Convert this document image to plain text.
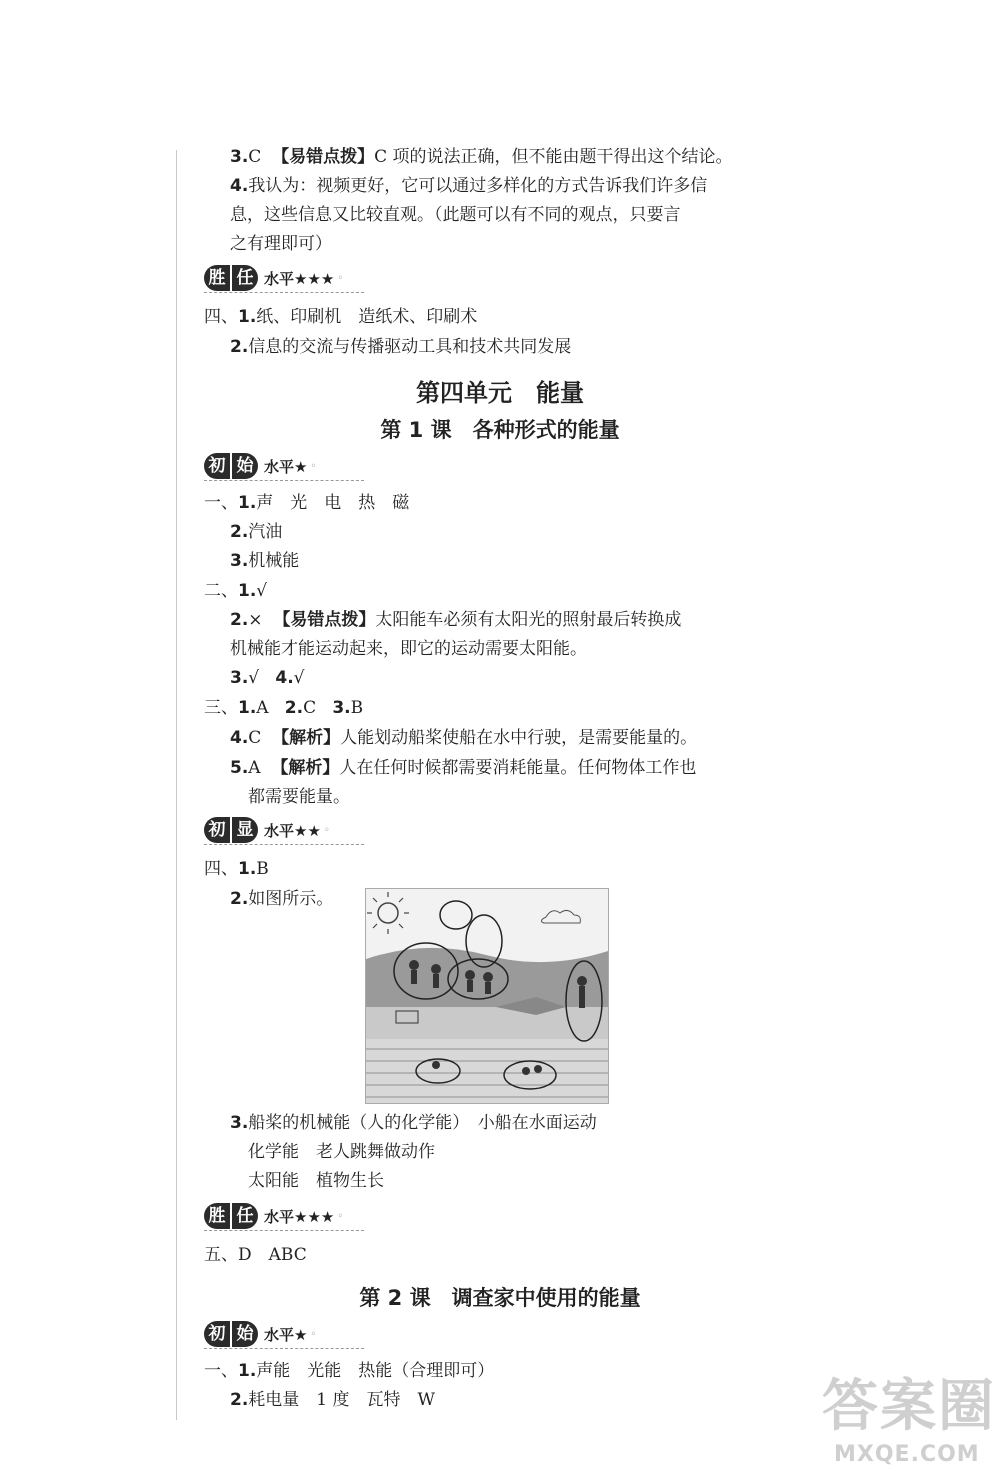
3.C 【易错点拨】C 项的说法正确，但不能由题干得出这个结论。
4.我认为：视频更好，它可以通过多样化的方式告诉我们许多信
息，这些信息又比较直观。（此题可以有不同的观点，只要言
之有理即可）
胜 任 水平★★★ ◦
四、1.纸、印刷机　造纸术、印刷术
2.信息的交流与传播驱动工具和技术共同发展
第四单元　能量
第 1 课　各种形式的能量
初 始 水平★ ◦
一、1.声　光　电　热　磁
2.汽油
3.机械能
二、1.√
2.× 【易错点拨】太阳能车必须有太阳光的照射最后转换成
机械能才能运动起来，即它的运动需要太阳能。
3.√ 4.√
三、1.A 2.C 3.B
4.C 【解析】人能划动船桨使船在水中行驶，是需要能量的。
5.A 【解析】人在任何时候都需要消耗能量。任何物体工作也
都需要能量。
初 显 水平★★ ◦
四、1.B
2.如图所示。
3.船桨的机械能（人的化学能）　小船在水面运动
化学能　老人跳舞做动作
太阳能　植物生长
胜 任 水平★★★ ◦
五、D　ABC
第 2 课　调查家中使用的能量
初 始 水平★ ◦
一、1.声能　光能　热能（合理即可）
2.耗电量　1 度　瓦特　W	答案圈
MXQE.COM
